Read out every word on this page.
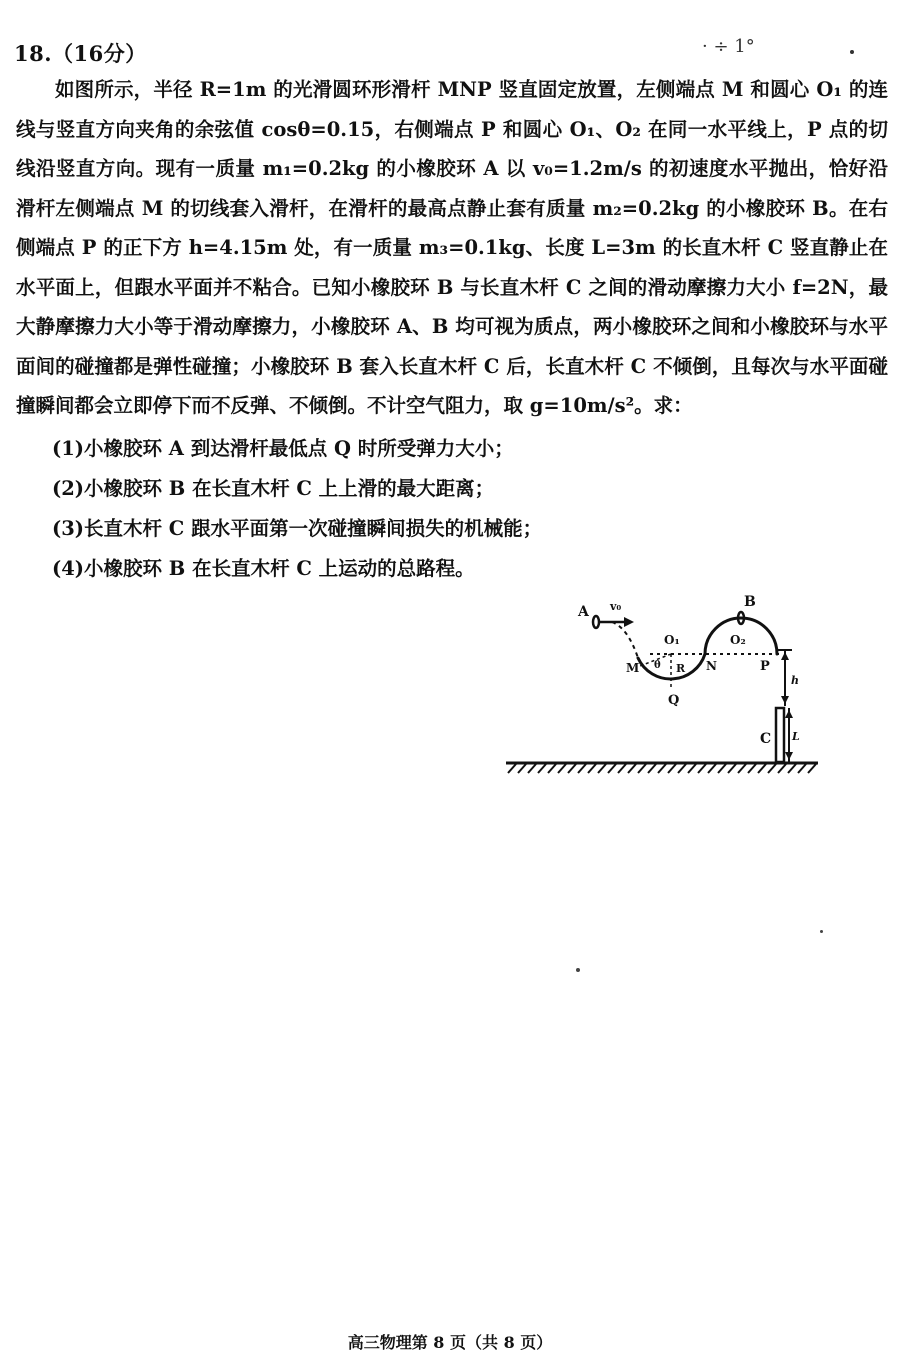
18.（16分）	· ÷ 1°

如图所示，半径 R=1m 的光滑圆环形滑杆 MNP 竖直固定放置，左侧端点 M 和圆心 O₁ 的连线与竖直方向夹角的余弦值 cosθ=0.15，右侧端点 P 和圆心 O₁、O₂ 在同一水平线上，P 点的切线沿竖直方向。现有一质量 m₁=0.2kg 的小橡胶环 A 以 v₀=1.2m/s 的初速度水平抛出，恰好沿滑杆左侧端点 M 的切线套入滑杆，在滑杆的最高点静止套有质量 m₂=0.2kg 的小橡胶环 B。在右侧端点 P 的正下方 h=4.15m 处，有一质量 m₃=0.1kg、长度 L=3m 的长直木杆 C 竖直静止在水平面上，但跟水平面并不粘合。已知小橡胶环 B 与长直木杆 C 之间的滑动摩擦力大小 f=2N，最大静摩擦力大小等于滑动摩擦力，小橡胶环 A、B 均可视为质点，两小橡胶环之间和小橡胶环与水平面间的碰撞都是弹性碰撞；小橡胶环 B 套入长直木杆 C 后，长直木杆 C 不倾倒，且每次与水平面碰撞瞬间都会立即停下而不反弹、不倾倒。不计空气阻力，取 g=10m/s²。求：

(1)小橡胶环 A 到达滑杆最低点 Q 时所受弹力大小；
(2)小橡胶环 B 在长直木杆 C 上上滑的最大距离；
(3)长直木杆 C 跟水平面第一次碰撞瞬间损失的机械能；
(4)小橡胶环 B 在长直木杆 C 上运动的总路程。
A v₀	B
O₁	O₂
M θ R N	P
Q
h
C L
高三物理第 8 页（共 8 页）
